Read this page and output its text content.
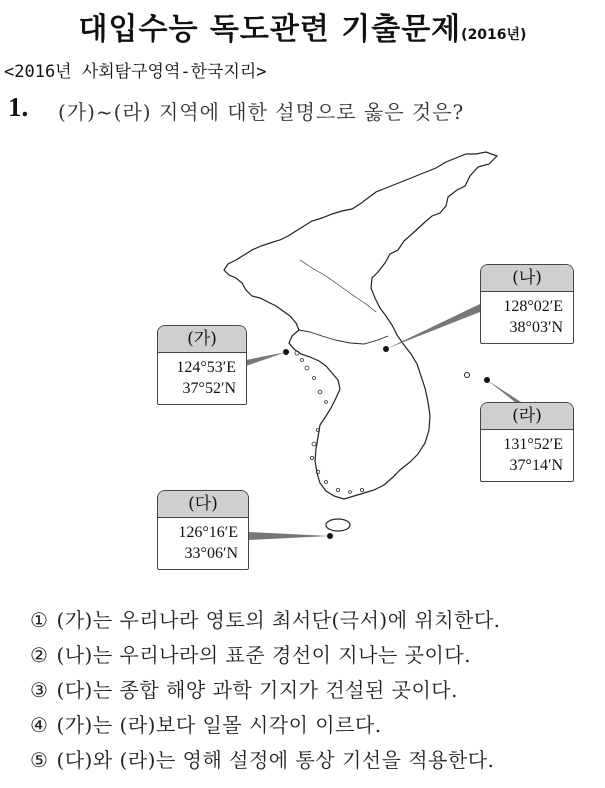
대입수능 독도관련 기출문제(2016년)
<2016년 사회탐구영역-한국지리>
1. (가)~(라) 지역에 대한 설명으로 옳은 것은?
(가)
124°53′E
37°52′N
(나)
128°02′E
38°03′N
(다)
126°16′E
33°06′N
(라)
131°52′E
37°14′N
① (가)는 우리나라 영토의 최서단(극서)에 위치한다.
② (나)는 우리나라의 표준 경선이 지나는 곳이다.
③ (다)는 종합 해양 과학 기지가 건설된 곳이다.
④ (가)는 (라)보다 일몰 시각이 이르다.
⑤ (다)와 (라)는 영해 설정에 통상 기선을 적용한다.
